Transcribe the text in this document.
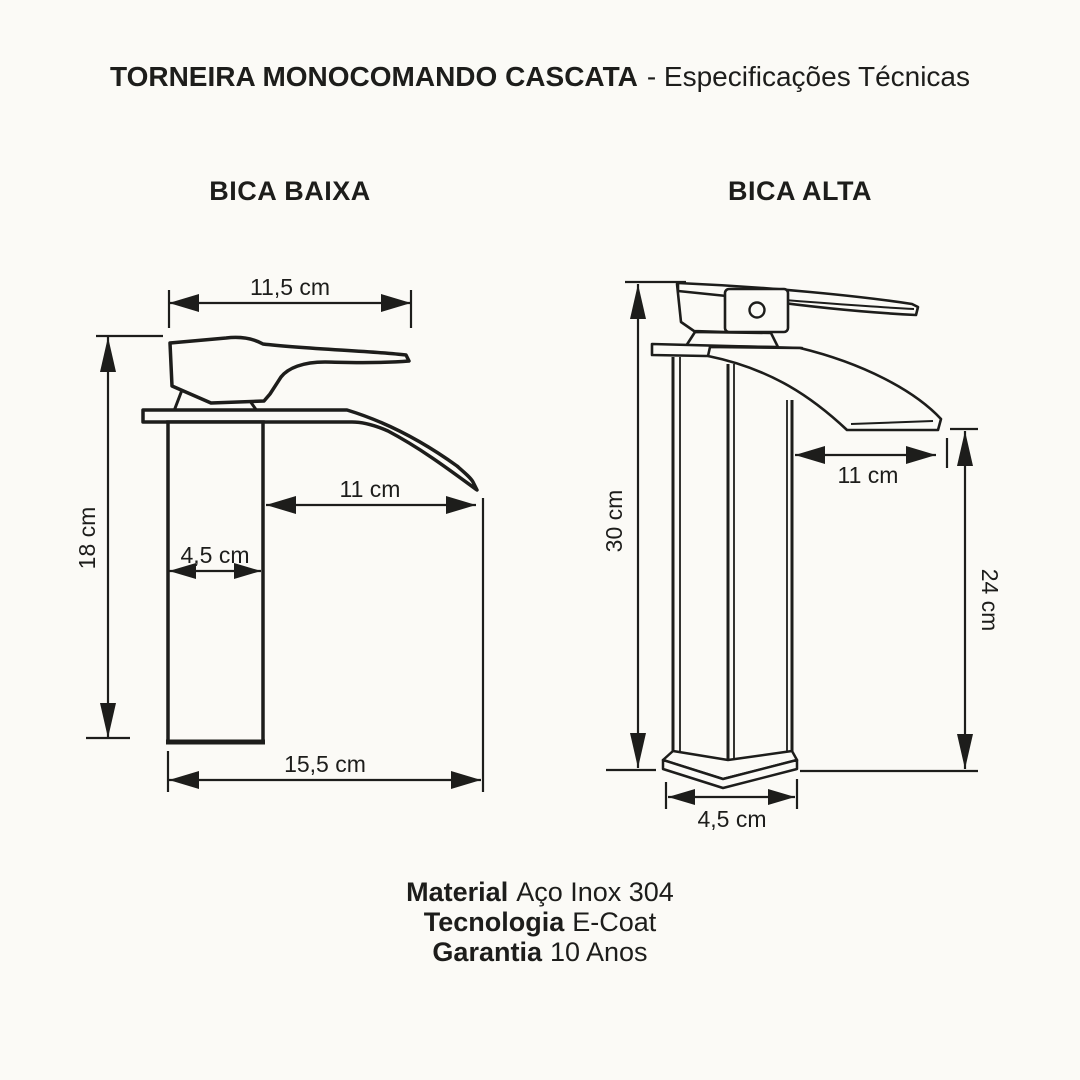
TORNEIRA MONOCOMANDO CASCATA - Especificações Técnicas
BICA BAIXA
11,5 cm
18 cm
11 cm
4,5 cm
15,5 cm
BICA ALTA
30 cm
11 cm
24 cm
4,5 cm
Material Aço Inox 304
Tecnologia E-Coat
Garantia 10 Anos
